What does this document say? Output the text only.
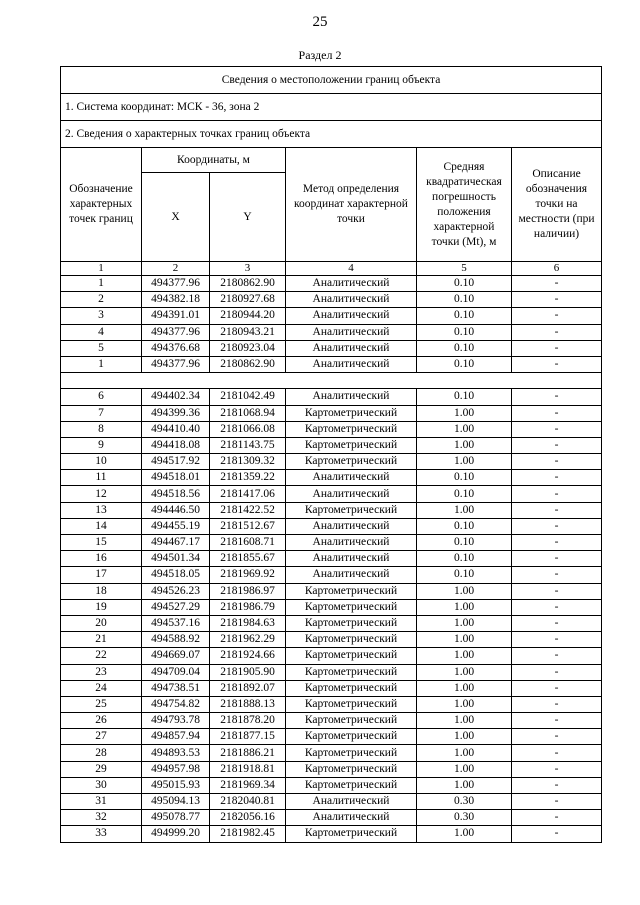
25
Раздел 2
Сведения о местоположении границ объекта					
1. Система координат: МСК - 36, зона 2					
2. Сведения о характерных точках границ объекта					
Обозначение характерных точек границ	Координаты, м		Метод определения координат характерной точки	Средняя квадратическая погрешность положения характерной точки (Mt), м	Описание обозначения точки на местности (при наличии)
	X	Y			
1	2	3	4	5	6
1	494377.96	2180862.90	Аналитический	0.10	-
2	494382.18	2180927.68	Аналитический	0.10	-
3	494391.01	2180944.20	Аналитический	0.10	-
4	494377.96	2180943.21	Аналитический	0.10	-
5	494376.68	2180923.04	Аналитический	0.10	-
1	494377.96	2180862.90	Аналитический	0.10	-

6	494402.34	2181042.49	Аналитический	0.10	-
7	494399.36	2181068.94	Картометрический	1.00	-
8	494410.40	2181066.08	Картометрический	1.00	-
9	494418.08	2181143.75	Картометрический	1.00	-
10	494517.92	2181309.32	Картометрический	1.00	-
11	494518.01	2181359.22	Аналитический	0.10	-
12	494518.56	2181417.06	Аналитический	0.10	-
13	494446.50	2181422.52	Картометрический	1.00	-
14	494455.19	2181512.67	Аналитический	0.10	-
15	494467.17	2181608.71	Аналитический	0.10	-
16	494501.34	2181855.67	Аналитический	0.10	-
17	494518.05	2181969.92	Аналитический	0.10	-
18	494526.23	2181986.97	Картометрический	1.00	-
19	494527.29	2181986.79	Картометрический	1.00	-
20	494537.16	2181984.63	Картометрический	1.00	-
21	494588.92	2181962.29	Картометрический	1.00	-
22	494669.07	2181924.66	Картометрический	1.00	-
23	494709.04	2181905.90	Картометрический	1.00	-
24	494738.51	2181892.07	Картометрический	1.00	-
25	494754.82	2181888.13	Картометрический	1.00	-
26	494793.78	2181878.20	Картометрический	1.00	-
27	494857.94	2181877.15	Картометрический	1.00	-
28	494893.53	2181886.21	Картометрический	1.00	-
29	494957.98	2181918.81	Картометрический	1.00	-
30	495015.93	2181969.34	Картометрический	1.00	-
31	495094.13	2182040.81	Аналитический	0.30	-
32	495078.77	2182056.16	Аналитический	0.30	-
33	494999.20	2181982.45	Картометрический	1.00	-
